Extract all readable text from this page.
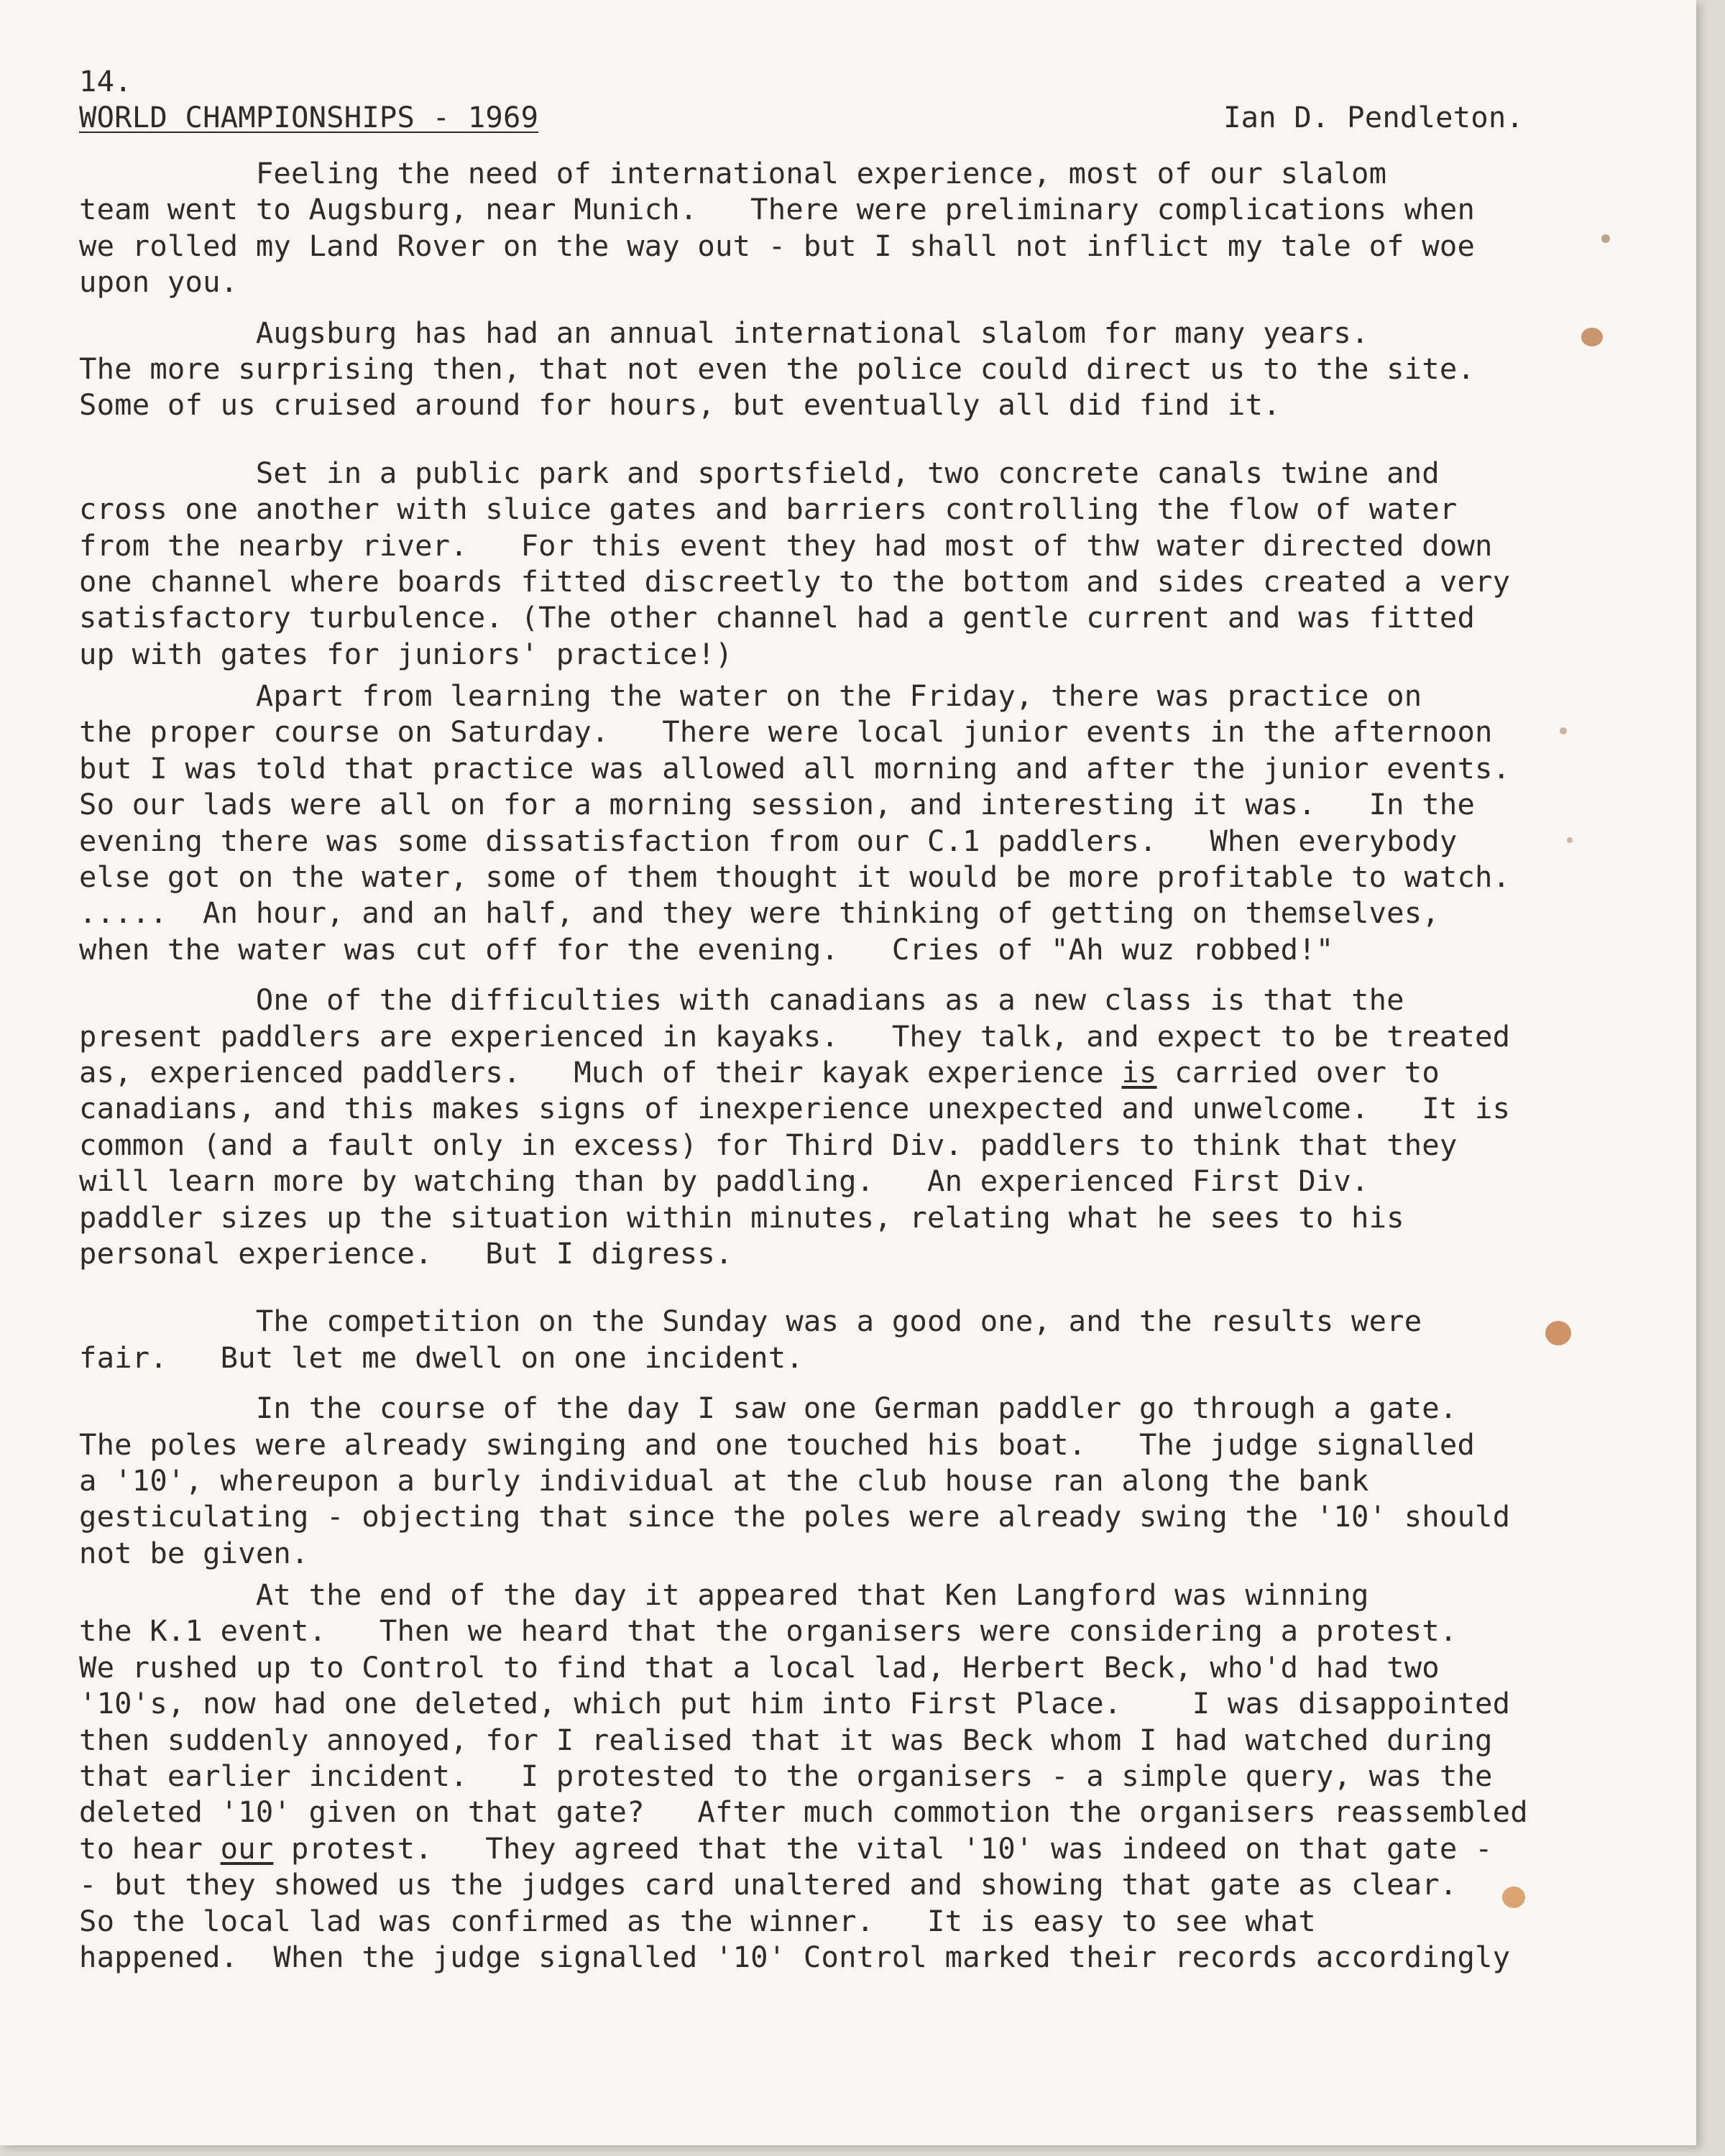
14.
WORLD CHAMPIONSHIPS - 1969	Ian D. Pendleton.

Feeling the need of international experience, most of our slalom
team went to Augsburg, near Munich.   There were preliminary complications when
we rolled my Land Rover on the way out - but I shall not inflict my tale of woe
upon you.

Augsburg has had an annual international slalom for many years.
The more surprising then, that not even the police could direct us to the site.
Some of us cruised around for hours, but eventually all did find it.

Set in a public park and sportsfield, two concrete canals twine and
cross one another with sluice gates and barriers controlling the flow of water
from the nearby river.   For this event they had most of thw water directed down
one channel where boards fitted discreetly to the bottom and sides created a very
satisfactory turbulence. (The other channel had a gentle current and was fitted
up with gates for juniors' practice!)

Apart from learning the water on the Friday, there was practice on
the proper course on Saturday.   There were local junior events in the afternoon
but I was told that practice was allowed all morning and after the junior events.
So our lads were all on for a morning session, and interesting it was.   In the
evening there was some dissatisfaction from our C.1 paddlers.   When everybody
else got on the water, some of them thought it would be more profitable to watch.
.....  An hour, and an half, and they were thinking of getting on themselves,
when the water was cut off for the evening.   Cries of "Ah wuz robbed!"

One of the difficulties with canadians as a new class is that the
present paddlers are experienced in kayaks.   They talk, and expect to be treated
as, experienced paddlers.   Much of their kayak experience is carried over to
canadians, and this makes signs of inexperience unexpected and unwelcome.   It is
common (and a fault only in excess) for Third Div. paddlers to think that they
will learn more by watching than by paddling.   An experienced First Div.
paddler sizes up the situation within minutes, relating what he sees to his
personal experience.   But I digress.

The competition on the Sunday was a good one, and the results were
fair.   But let me dwell on one incident.

In the course of the day I saw one German paddler go through a gate.
The poles were already swinging and one touched his boat.   The judge signalled
a '10', whereupon a burly individual at the club house ran along the bank
gesticulating - objecting that since the poles were already swing the '10' should
not be given.

At the end of the day it appeared that Ken Langford was winning
the K.1 event.   Then we heard that the organisers were considering a protest.
We rushed up to Control to find that a local lad, Herbert Beck, who'd had two
'10's, now had one deleted, which put him into First Place.    I was disappointed
then suddenly annoyed, for I realised that it was Beck whom I had watched during
that earlier incident.   I protested to the organisers - a simple query, was the
deleted '10' given on that gate?   After much commotion the organisers reassembled
to hear our protest.   They agreed that the vital '10' was indeed on that gate -
- but they showed us the judges card unaltered and showing that gate as clear.
So the local lad was confirmed as the winner.   It is easy to see what
happened.  When the judge signalled '10' Control marked their records accordingly
